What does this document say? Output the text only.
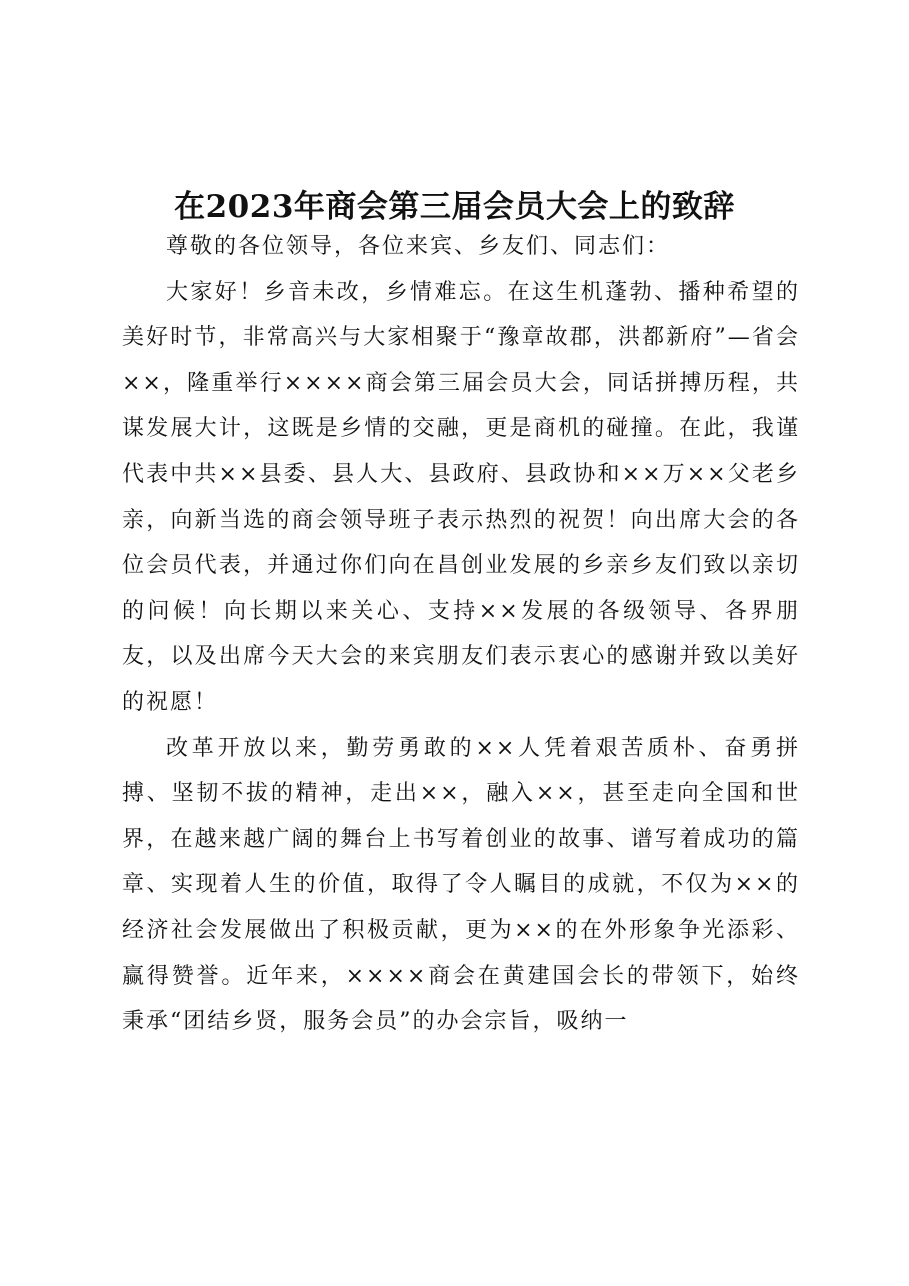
在2023年商会第三届会员大会上的致辞

尊敬的各位领导，各位来宾、乡友们、同志们：

大家好！乡音未改，乡情难忘。在这生机蓬勃、播种希望的美好时节，非常高兴与大家相聚于“豫章故郡，洪都新府”—省会××，隆重举行××××商会第三届会员大会，同话拼搏历程，共谋发展大计，这既是乡情的交融，更是商机的碰撞。在此，我谨代表中共××县委、县人大、县政府、县政协和××万××父老乡亲，向新当选的商会领导班子表示热烈的祝贺！向出席大会的各位会员代表，并通过你们向在昌创业发展的乡亲乡友们致以亲切的问候！向长期以来关心、支持××发展的各级领导、各界朋友，以及出席今天大会的来宾朋友们表示衷心的感谢并致以美好的祝愿！

改革开放以来，勤劳勇敢的××人凭着艰苦质朴、奋勇拼搏、坚韧不拔的精神，走出××，融入××，甚至走向全国和世界，在越来越广阔的舞台上书写着创业的故事、谱写着成功的篇章、实现着人生的价值，取得了令人瞩目的成就，不仅为××的经济社会发展做出了积极贡献，更为××的在外形象争光添彩、赢得赞誉。近年来，××××商会在黄建国会长的带领下，始终秉承“团结乡贤，服务会员”的办会宗旨，吸纳一
